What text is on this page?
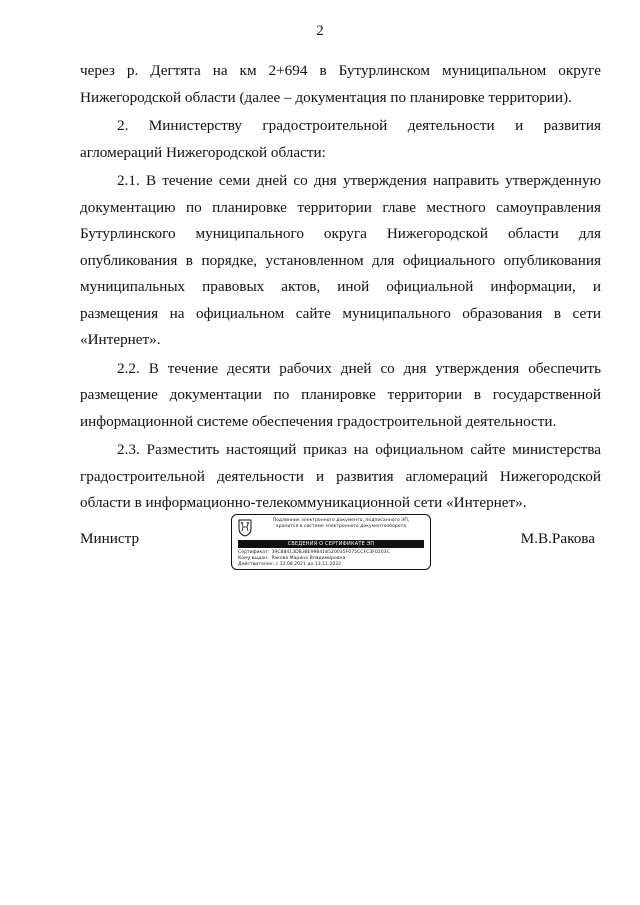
2

через р. Дегтята на км 2+694 в Бутурлинском муниципальном округе Нижегородской области (далее – документация по планировке территории).

2. Министерству градостроительной деятельности и развития агломераций Нижегородской области:

2.1. В течение семи дней со дня утверждения направить утвержденную документацию по планировке территории главе местного самоуправления Бутурлинского муниципального округа Нижегородской области для опубликования в порядке, установленном для официального опубликования муниципальных правовых актов, иной официальной информации, и размещения на официальном сайте муниципального образования в сети «Интернет».

2.2. В течение десяти рабочих дней со дня утверждения обеспечить размещение документации по планировке территории в государственной информационной системе обеспечения градостроительной деятельности.

2.3. Разместить настоящий приказ на официальном сайте министерства градостроительной деятельности и развития агломераций Нижегородской области в информационно-телекоммуникационной сети «Интернет».

Министр
Подлинник электронного документа, подписанного ЭП,
хранится в системе электронного документооборота
СВЕДЕНИЯ О СЕРТИФИКАТЕ ЭП
Сертификат: 39C88413DB38E998418520035F075CCFC3F0203C
Кому выдан: Ракова Марина Владимировна
Действителен: с 13.08.2021 до 13.11.2022
М.В.Ракова
